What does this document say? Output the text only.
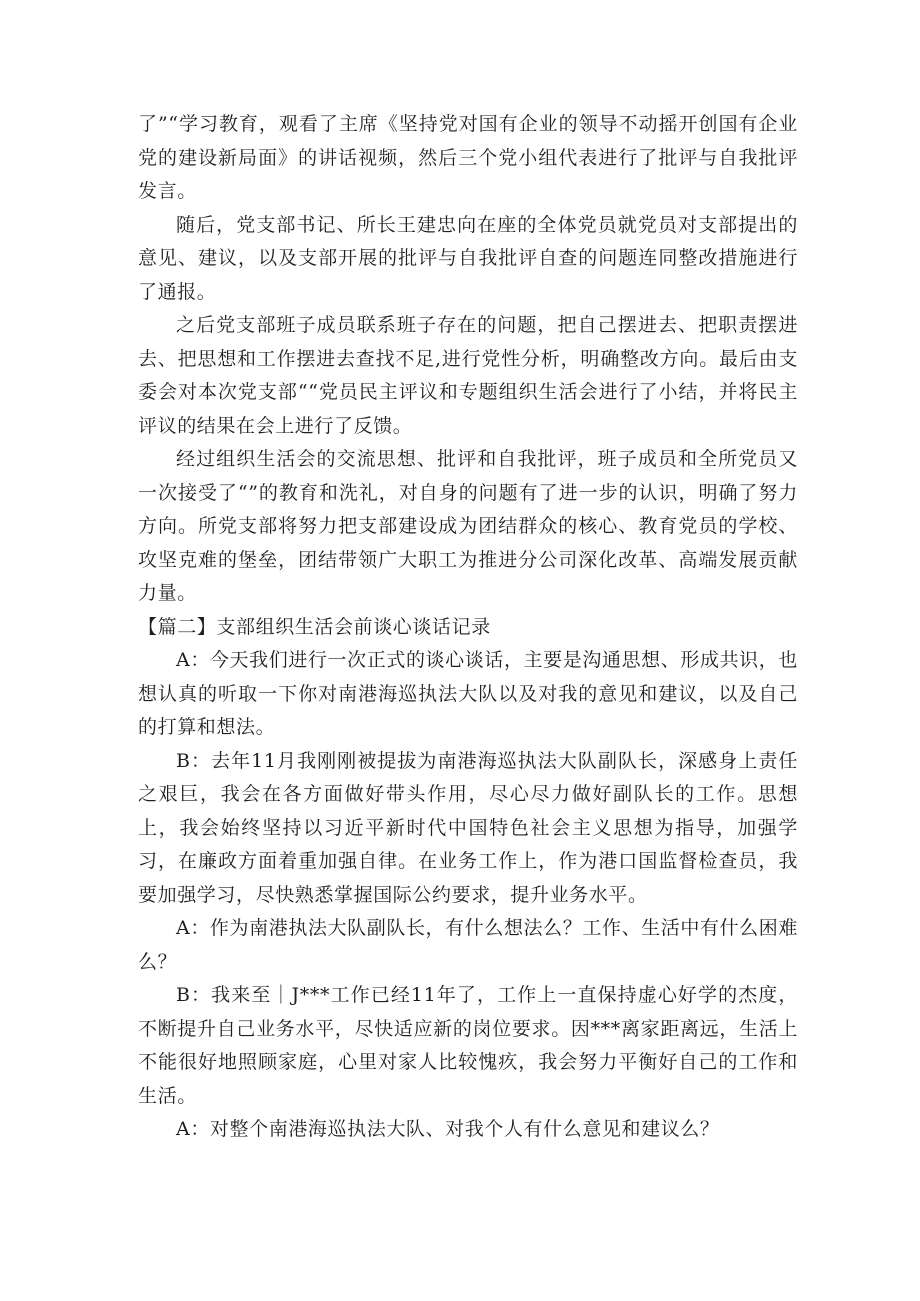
了”“学习教育，观看了主席《坚持党对国有企业的领导不动摇开创国有企业党的建设新局面》的讲话视频，然后三个党小组代表进行了批评与自我批评发言。

随后，党支部书记、所长王建忠向在座的全体党员就党员对支部提出的意见、建议，以及支部开展的批评与自我批评自查的问题连同整改措施进行了通报。

之后党支部班子成员联系班子存在的问题，把自己摆进去、把职责摆进去、把思想和工作摆进去查找不足,进行党性分析，明确整改方向。最后由支委会对本次党支部““党员民主评议和专题组织生活会进行了小结，并将民主评议的结果在会上进行了反馈。

经过组织生活会的交流思想、批评和自我批评，班子成员和全所党员又一次接受了“”的教育和洗礼，对自身的问题有了进一步的认识，明确了努力方向。所党支部将努力把支部建设成为团结群众的核心、教育党员的学校、攻坚克难的堡垒，团结带领广大职工为推进分公司深化改革、高端发展贡献力量。

【篇二】支部组织生活会前谈心谈话记录

A：今天我们进行一次正式的谈心谈话，主要是沟通思想、形成共识，也想认真的听取一下你对南港海巡执法大队以及对我的意见和建议，以及自己的打算和想法。

B：去年11月我刚刚被提拔为南港海巡执法大队副队长，深感身上责任之艰巨，我会在各方面做好带头作用，尽心尽力做好副队长的工作。思想上，我会始终坚持以习近平新时代中国特色社会主义思想为指导，加强学习，在廉政方面着重加强自律。在业务工作上，作为港口国监督检查员，我要加强学习，尽快熟悉掌握国际公约要求，提升业务水平。

A：作为南港执法大队副队长，有什么想法么？工作、生活中有什么困难么？

B：我来至｜J***工作已经11年了，工作上一直保持虚心好学的杰度，不断提升自己业务水平，尽快适应新的岗位要求。因***离家距离远，生活上不能很好地照顾家庭，心里对家人比较愧疚，我会努力平衡好自己的工作和生活。

A：对整个南港海巡执法大队、对我个人有什么意见和建议么？
